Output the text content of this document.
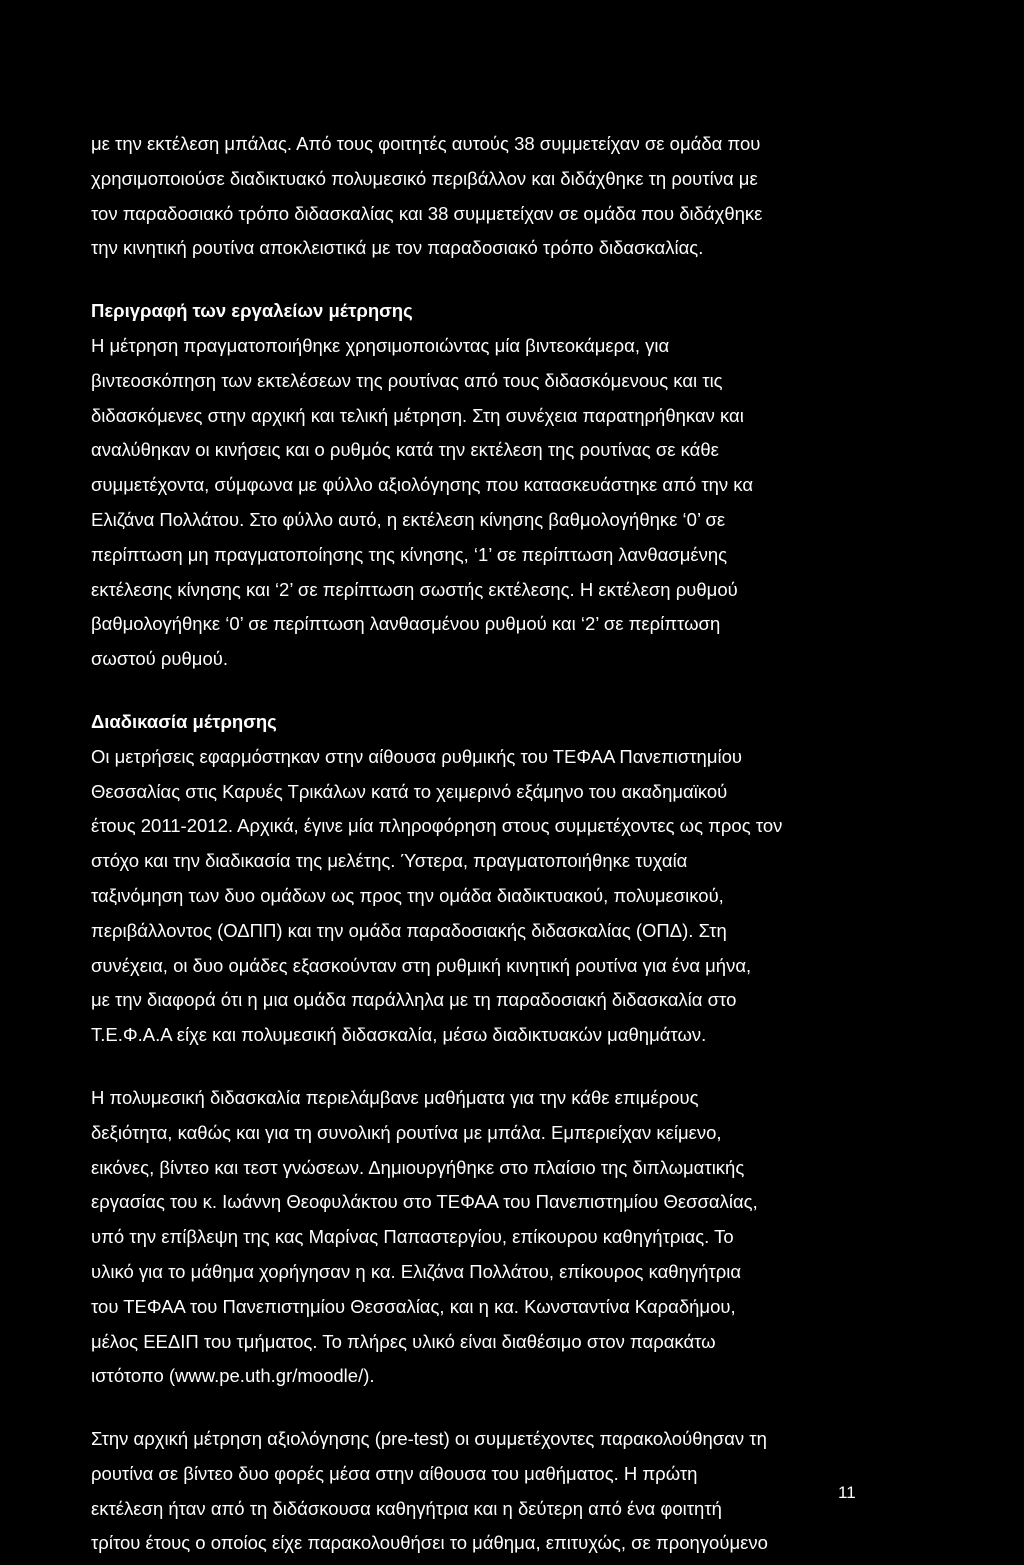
με την εκτέλεση μπάλας. Από τους φοιτητές αυτούς 38 συμμετείχαν σε ομάδα που
χρησιμοποιούσε διαδικτυακό πολυμεσικό περιβάλλον και διδάχθηκε τη ρουτίνα με
τον παραδοσιακό τρόπο διδασκαλίας και 38 συμμετείχαν σε ομάδα που διδάχθηκε
την κινητική ρουτίνα αποκλειστικά με τον παραδοσιακό τρόπο διδασκαλίας.

Περιγραφή των εργαλείων μέτρησης

Η μέτρηση πραγματοποιήθηκε χρησιμοποιώντας μία βιντεοκάμερα, για
βιντεοσκόπηση των εκτελέσεων της ρουτίνας από τους διδασκόμενους και τις
διδασκόμενες στην αρχική και τελική μέτρηση. Στη συνέχεια παρατηρήθηκαν και
αναλύθηκαν οι κινήσεις και ο ρυθμός κατά την εκτέλεση της ρουτίνας σε κάθε
συμμετέχοντα, σύμφωνα με φύλλο αξιολόγησης που κατασκευάστηκε από την κα
Ελιζάνα Πολλάτου. Στο φύλλο αυτό, η εκτέλεση κίνησης βαθμολογήθηκε ‘0’ σε
περίπτωση μη πραγματοποίησης της κίνησης, ‘1’ σε περίπτωση λανθασμένης
εκτέλεσης κίνησης και ‘2’ σε περίπτωση σωστής εκτέλεσης. Η εκτέλεση ρυθμού
βαθμολογήθηκε ‘0’ σε περίπτωση λανθασμένου ρυθμού και ‘2’ σε περίπτωση
σωστού ρυθμού.

Διαδικασία μέτρησης

Οι μετρήσεις εφαρμόστηκαν στην αίθουσα ρυθμικής του ΤΕΦΑΑ Πανεπιστημίου
Θεσσαλίας στις Καρυές Τρικάλων κατά το χειμερινό εξάμηνο του ακαδημαϊκού
έτους 2011-2012. Αρχικά, έγινε μία πληροφόρηση στους συμμετέχοντες ως προς τον
στόχο και την διαδικασία της μελέτης. Ύστερα, πραγματοποιήθηκε τυχαία
ταξινόμηση των δυο ομάδων ως προς την ομάδα διαδικτυακού, πολυμεσικού,
περιβάλλοντος (ΟΔΠΠ) και την ομάδα παραδοσιακής διδασκαλίας (ΟΠΔ). Στη
συνέχεια, οι δυο ομάδες εξασκούνταν στη ρυθμική κινητική ρουτίνα για ένα μήνα,
με την διαφορά ότι η μια ομάδα παράλληλα με τη παραδοσιακή διδασκαλία στο
Τ.Ε.Φ.Α.Α είχε και πολυμεσική διδασκαλία, μέσω διαδικτυακών μαθημάτων.

Η πολυμεσική διδασκαλία περιελάμβανε μαθήματα για την κάθε επιμέρους
δεξιότητα, καθώς και για τη συνολική ρουτίνα με μπάλα. Εμπεριείχαν κείμενο,
εικόνες, βίντεο και τεστ γνώσεων. Δημιουργήθηκε στο πλαίσιο της διπλωματικής
εργασίας του κ. Ιωάννη Θεοφυλάκτου στο ΤΕΦΑΑ του Πανεπιστημίου Θεσσαλίας,
υπό την επίβλεψη της κας Μαρίνας Παπαστεργίου, επίκουρου καθηγήτριας. Το
υλικό για το μάθημα χορήγησαν η κα. Ελιζάνα Πολλάτου, επίκουρος καθηγήτρια
του ΤΕΦΑΑ του Πανεπιστημίου Θεσσαλίας, και η κα. Κωνσταντίνα Καραδήμου,
μέλος ΕΕΔΙΠ του τμήματος. Το πλήρες υλικό είναι διαθέσιμο στον παρακάτω
ιστότοπο (www.pe.uth.gr/moodle/).

Στην αρχική μέτρηση αξιολόγησης (pre-test) οι συμμετέχοντες παρακολούθησαν τη
ρουτίνα σε βίντεο δυο φορές μέσα στην αίθουσα του μαθήματος. Η πρώτη
εκτέλεση ήταν από τη διδάσκουσα καθηγήτρια και η δεύτερη από ένα φοιτητή
τρίτου έτους ο οποίος είχε παρακολουθήσει το μάθημα, επιτυχώς, σε προηγούμενο

11
